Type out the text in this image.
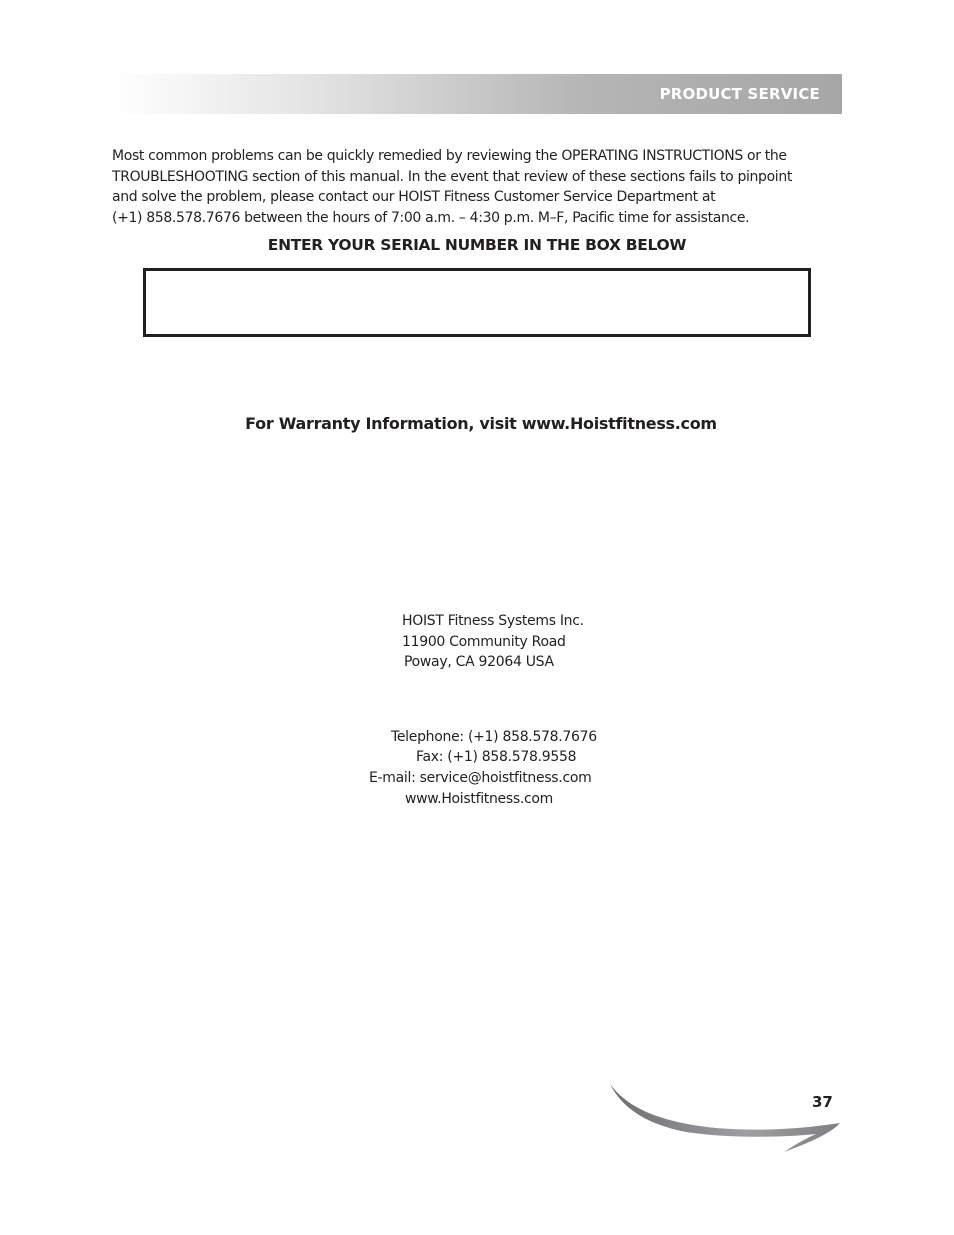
PRODUCT SERVICE

Most common problems can be quickly remedied by reviewing the OPERATING INSTRUCTIONS or the
TROUBLESHOOTING section of this manual. In the event that review of these sections fails to pinpoint
and solve the problem, please contact our HOIST Fitness Customer Service Department at
(+1) 858.578.7676 between the hours of 7:00 a.m. – 4:30 p.m. M–F, Pacific time for assistance.

ENTER YOUR SERIAL NUMBER IN THE BOX BELOW
For Warranty Information, visit www.Hoistfitness.com
HOIST Fitness Systems Inc.
11900 Community Road
Poway, CA 92064 USA
Telephone: (+1) 858.578.7676
Fax: (+1) 858.578.9558
E-mail: service@hoistfitness.com
www.Hoistfitness.com
37
